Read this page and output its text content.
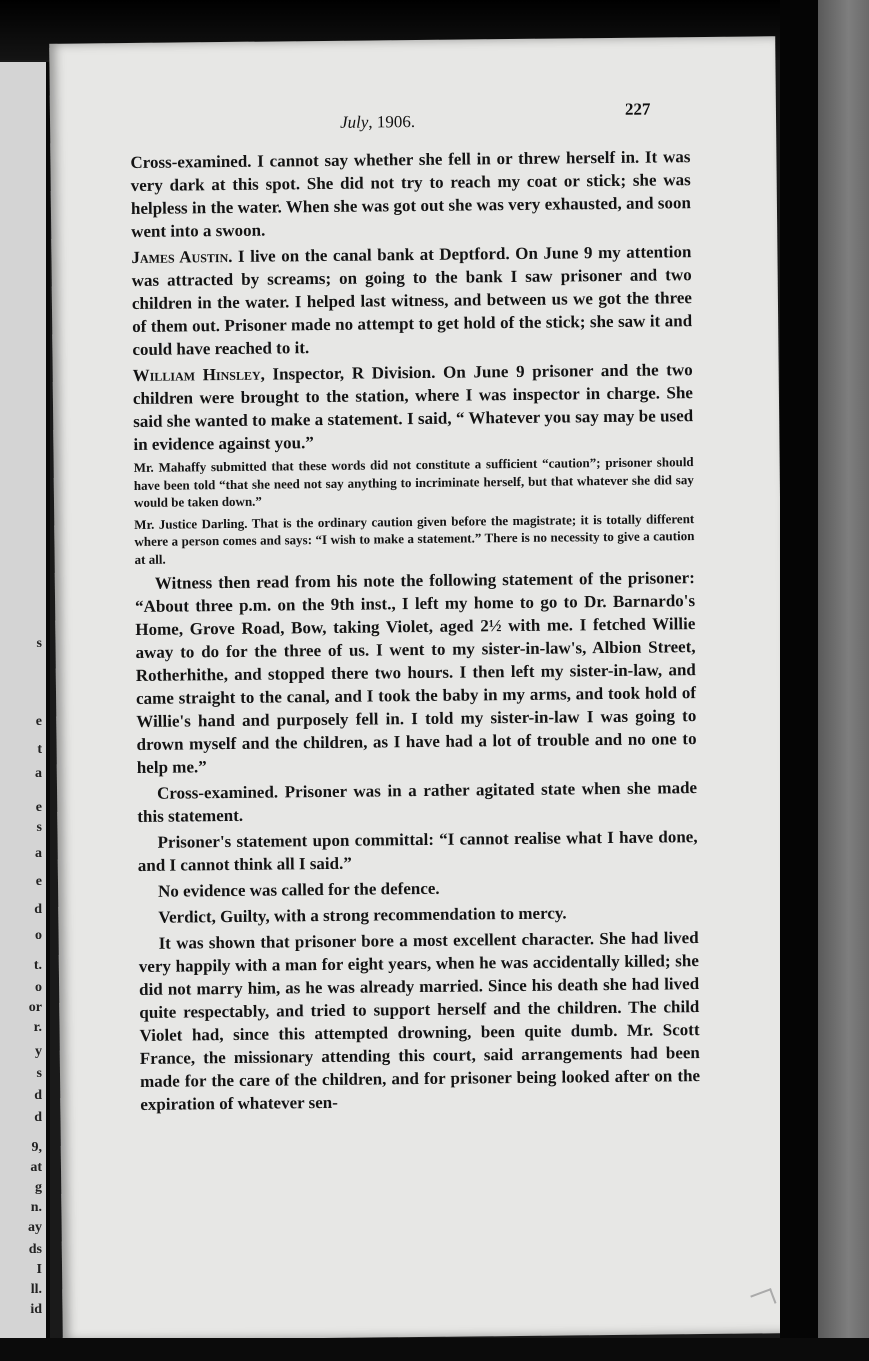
s
e
t
a
e
s
a
e
d
o
t.
o
or
r.
y
s
d
d
9,
at
g
n.
ay
ds
I
ll.
id
July, 1906.
227

Cross-examined. I cannot say whether she fell in or threw herself in. It was very dark at this spot. She did not try to reach my coat or stick; she was helpless in the water. When she was got out she was very exhausted, and soon went into a swoon.

James Austin. I live on the canal bank at Deptford. On June 9 my attention was attracted by screams; on going to the bank I saw prisoner and two children in the water. I helped last witness, and between us we got the three of them out. Prisoner made no attempt to get hold of the stick; she saw it and could have reached to it.

William Hinsley, Inspector, R Division. On June 9 prisoner and the two children were brought to the station, where I was inspector in charge. She said she wanted to make a statement. I said, “ Whatever you say may be used in evidence against you.”

Mr. Mahaffy submitted that these words did not constitute a sufficient “caution”; prisoner should have been told “that she need not say anything to incriminate herself, but that whatever she did say would be taken down.”

Mr. Justice Darling. That is the ordinary caution given before the magistrate; it is totally different where a person comes and says: “I wish to make a statement.” There is no necessity to give a caution at all.

Witness then read from his note the following statement of the prisoner: “About three p.m. on the 9th inst., I left my home to go to Dr. Barnardo's Home, Grove Road, Bow, taking Violet, aged 2½ with me. I fetched Willie away to do for the three of us. I went to my sister-in-law's, Albion Street, Rotherhithe, and stopped there two hours. I then left my sister-in-law, and came straight to the canal, and I took the baby in my arms, and took hold of Willie's hand and purposely fell in. I told my sister-in-law I was going to drown myself and the children, as I have had a lot of trouble and no one to help me.”

Cross-examined. Prisoner was in a rather agitated state when she made this statement.

Prisoner's statement upon committal: “I cannot realise what I have done, and I cannot think all I said.”

No evidence was called for the defence.

Verdict, Guilty, with a strong recommendation to mercy.

It was shown that prisoner bore a most excellent character. She had lived very happily with a man for eight years, when he was accidentally killed; she did not marry him, as he was already married. Since his death she had lived quite respectably, and tried to support herself and the children. The child Violet had, since this attempted drowning, been quite dumb. Mr. Scott France, the missionary attending this court, said arrangements had been made for the care of the children, and for prisoner being looked after on the expiration of whatever sen-
